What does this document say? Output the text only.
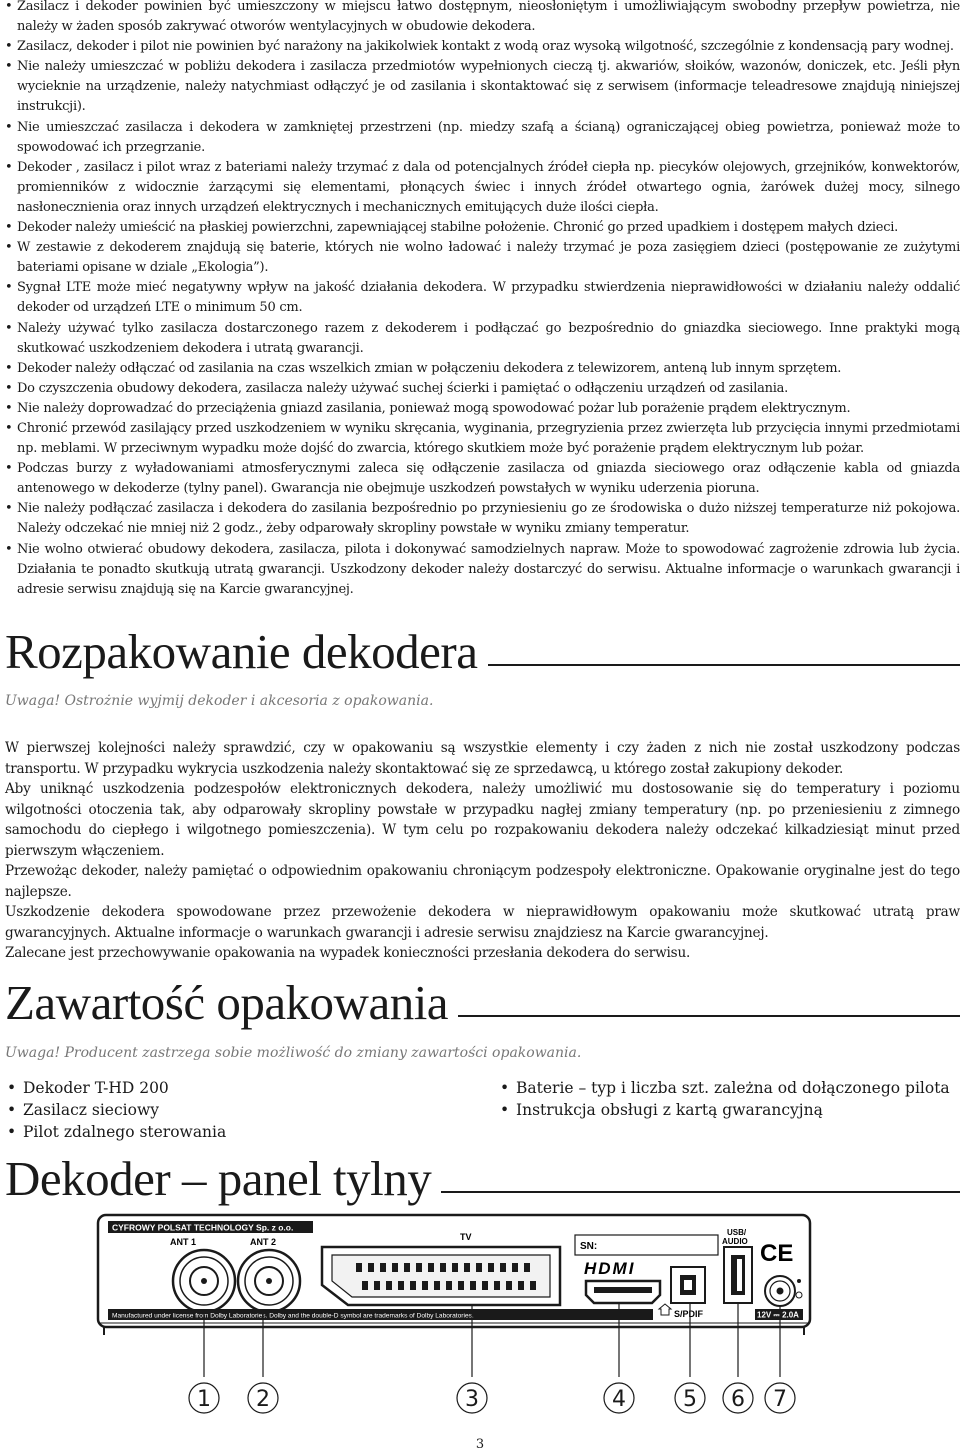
• Zasilacz i dekoder powinien być umieszczony w miejscu łatwo dostępnym, nieosłoniętym i umożliwiającym swobodny przepływ powietrza, nie należy w żaden sposób zakrywać otworów wentylacyjnych w obudowie dekodera.
• Zasilacz, dekoder i pilot nie powinien być narażony na jakikolwiek kontakt z wodą oraz wysoką wilgotność, szczególnie z kondensacją pary wodnej.
• Nie należy umieszczać w pobliżu dekodera i zasilacza przedmiotów wypełnionych cieczą tj. akwariów, słoików, wazonów, doniczek, etc. Jeśli płyn wycieknie na urządzenie, należy natychmiast odłączyć je od zasilania i skontaktować się z serwisem (informacje teleadresowe znajdują niniejszej instrukcji).
• Nie umieszczać zasilacza i dekodera w zamkniętej przestrzeni (np. miedzy szafą a ścianą) ograniczającej obieg powietrza, ponieważ może to spowodować ich przegrzanie.
• Dekoder , zasilacz i pilot wraz z bateriami należy trzymać z dala od potencjalnych źródeł ciepła np. piecyków olejowych, grzejników, konwektorów, promienników z widocznie żarzącymi się elementami, płonących świec i innych źródeł otwartego ognia, żarówek dużej mocy, silnego nasłonecznienia oraz innych urządzeń elektrycznych i mechanicznych emitujących duże ilości ciepła.
• Dekoder należy umieścić na płaskiej powierzchni, zapewniającej stabilne położenie. Chronić go przed upadkiem i dostępem małych dzieci.
• W zestawie z dekoderem znajdują się baterie, których nie wolno ładować i należy trzymać je poza zasięgiem dzieci (postępowanie ze zużytymi bateriami opisane w dziale „Ekologia”).
• Sygnał LTE może mieć negatywny wpływ na jakość działania dekodera. W przypadku stwierdzenia nieprawidłowości w działaniu należy oddalić dekoder od urządzeń LTE o minimum 50 cm.
• Należy używać tylko zasilacza dostarczonego razem z dekoderem i podłączać go bezpośrednio do gniazdka sieciowego. Inne praktyki mogą skutkować uszkodzeniem dekodera i utratą gwarancji.
• Dekoder należy odłączać od zasilania na czas wszelkich zmian w połączeniu dekodera z telewizorem, anteną lub innym sprzętem.
• Do czyszczenia obudowy dekodera, zasilacza należy używać suchej ścierki i pamiętać o odłączeniu urządzeń od zasilania.
• Nie należy doprowadzać do przeciążenia gniazd zasilania, ponieważ mogą spowodować pożar lub porażenie prądem elektrycznym.
• Chronić przewód zasilający przed uszkodzeniem w wyniku skręcania, wyginania, przegryzienia przez zwierzęta lub przycięcia innymi przedmiotami np. meblami. W przeciwnym wypadku może dojść do zwarcia, którego skutkiem może być porażenie prądem elektrycznym lub pożar.
• Podczas burzy z wyładowaniami atmosferycznymi zaleca się odłączenie zasilacza od gniazda sieciowego oraz odłączenie kabla od gniazda antenowego w dekoderze (tylny panel). Gwarancja nie obejmuje uszkodzeń powstałych w wyniku uderzenia pioruna.
• Nie należy podłączać zasilacza i dekodera do zasilania bezpośrednio po przyniesieniu go ze środowiska o dużo niższej temperaturze niż pokojowa. Należy odczekać nie mniej niż 2 godz., żeby odparowały skropliny powstałe w wyniku zmiany temperatur.
• Nie wolno otwierać obudowy dekodera, zasilacza, pilota i dokonywać samodzielnych napraw. Może to spowodować zagrożenie zdrowia lub życia. Działania te ponadto skutkują utratą gwarancji. Uszkodzony dekoder należy dostarczyć do serwisu. Aktualne informacje o warunkach gwarancji i adresie serwisu znajdują się na Karcie gwarancyjnej.
Rozpakowanie dekodera

Uwaga! Ostrożnie wyjmij dekoder i akcesoria z opakowania.

W pierwszej kolejności należy sprawdzić, czy w opakowaniu są wszystkie elementy i czy żaden z nich nie został uszkodzony podczas transportu. W przypadku wykrycia uszkodzenia należy skontaktować się ze sprzedawcą, u którego został zakupiony dekoder.

Aby uniknąć uszkodzenia podzespołów elektronicznych dekodera, należy umożliwić mu dostosowanie się do temperatury i poziomu wilgotności otoczenia tak, aby odparowały skropliny powstałe w przypadku nagłej zmiany temperatury (np. po przeniesieniu z zimnego samochodu do ciepłego i wilgotnego pomieszczenia). W tym celu po rozpakowaniu dekodera należy odczekać kilkadziesiąt minut przed pierwszym włączeniem.

Przewożąc dekoder, należy pamiętać o odpowiednim opakowaniu chroniącym podzespoły elektroniczne. Opakowanie oryginalne jest do tego najlepsze.

Uszkodzenie dekodera spowodowane przez przewożenie dekodera w nieprawidłowym opakowaniu może skutkować utratą praw gwarancyjnych. Aktualne informacje o warunkach gwarancji i adresie serwisu znajdziesz na Karcie gwarancyjnej.

Zalecane jest przechowywanie opakowania na wypadek konieczności przesłania dekodera do serwisu.

Zawartość opakowania

Uwaga! Producent zastrzega sobie możliwość do zmiany zawartości opakowania.

• Dekoder T-HD 200
• Zasilacz sieciowy
• Pilot zdalnego sterowania
• Baterie – typ i liczba szt. zależna od dołączonego pilota
• Instrukcja obsługi z kartą gwarancyjną
Dekoder – panel tylny
CYFROWY POLSAT TECHNOLOGY Sp. z o.o.
ANT 1	ANT 2	TV
SN:
HDMI
S/PDIF
USB/ AUDIO CE
Manufactured under license from Dolby Laboratories. Dolby and the double-D symbol are trademarks of Dolby Laboratories.	12V ⎓ 2.0A
1 2	3	4	5 6 7
3
